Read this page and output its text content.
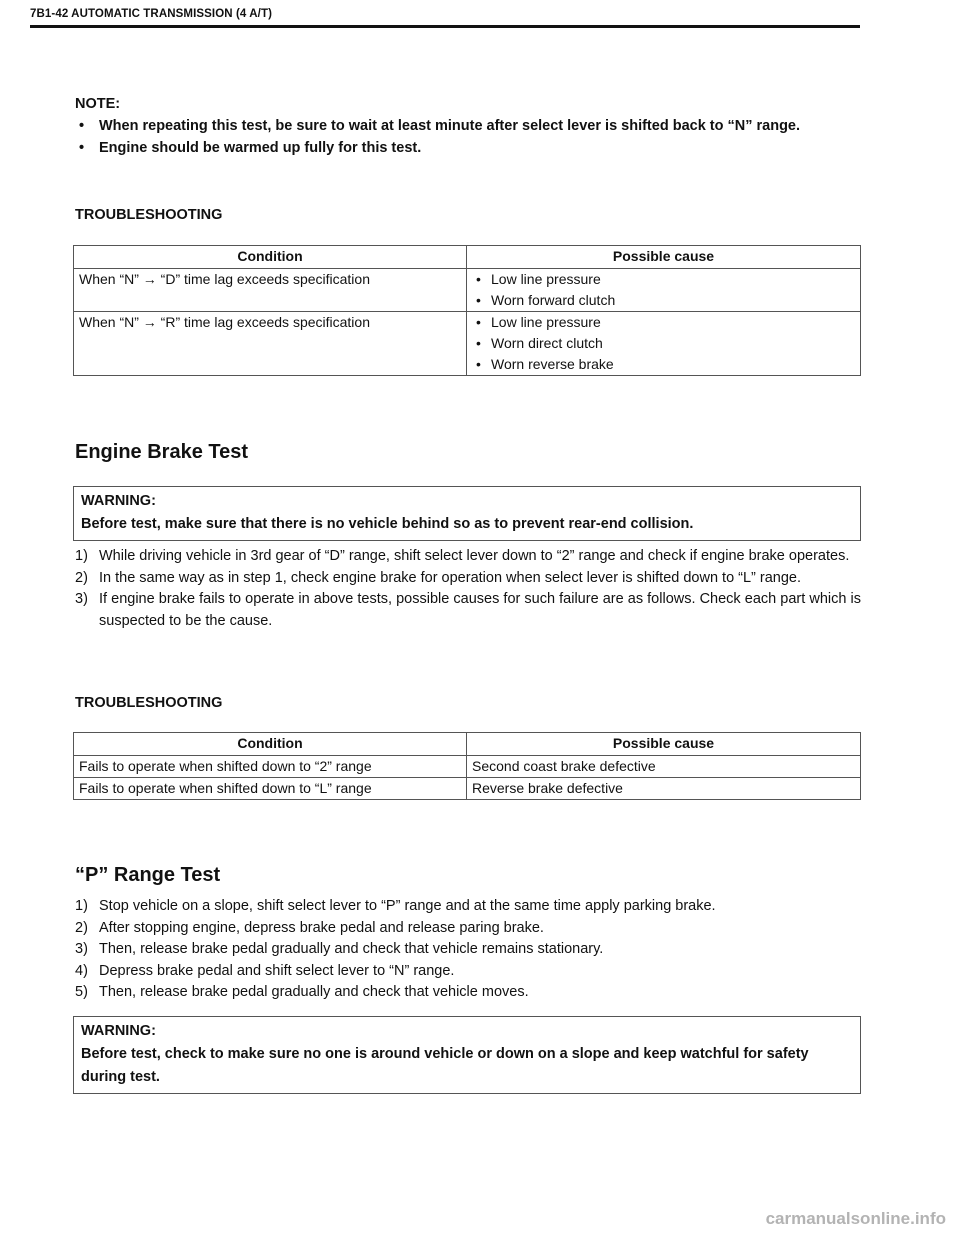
7B1-42 AUTOMATIC TRANSMISSION (4 A/T)
NOTE:
• When repeating this test, be sure to wait at least minute after select lever is shifted back to “N” range.
• Engine should be warmed up fully for this test.
TROUBLESHOOTING
Condition	Possible cause
When “N” → “D” time lag exceeds specification	• Low line pressure
• Worn forward clutch

When “N” → “R” time lag exceeds specification	• Low line pressure
• Worn direct clutch
• Worn reverse brake
Engine Brake Test
WARNING:
Before test, make sure that there is no vehicle behind so as to prevent rear-end collision.
1) While driving vehicle in 3rd gear of “D” range, shift select lever down to “2” range and check if engine brake operates.
2) In the same way as in step 1, check engine brake for operation when select lever is shifted down to “L” range.
3) If engine brake fails to operate in above tests, possible causes for such failure are as follows. Check each part which is suspected to be the cause.
TROUBLESHOOTING
Condition	Possible cause
Fails to operate when shifted down to “2” range	Second coast brake defective
Fails to operate when shifted down to “L” range	Reverse brake defective
“P” Range Test
1) Stop vehicle on a slope, shift select lever to “P” range and at the same time apply parking brake.
2) After stopping engine, depress brake pedal and release paring brake.
3) Then, release brake pedal gradually and check that vehicle remains stationary.
4) Depress brake pedal and shift select lever to “N” range.
5) Then, release brake pedal gradually and check that vehicle moves.
WARNING:
Before test, check to make sure no one is around vehicle or down on a slope and keep watchful for safety during test.
carmanualsonline.info
